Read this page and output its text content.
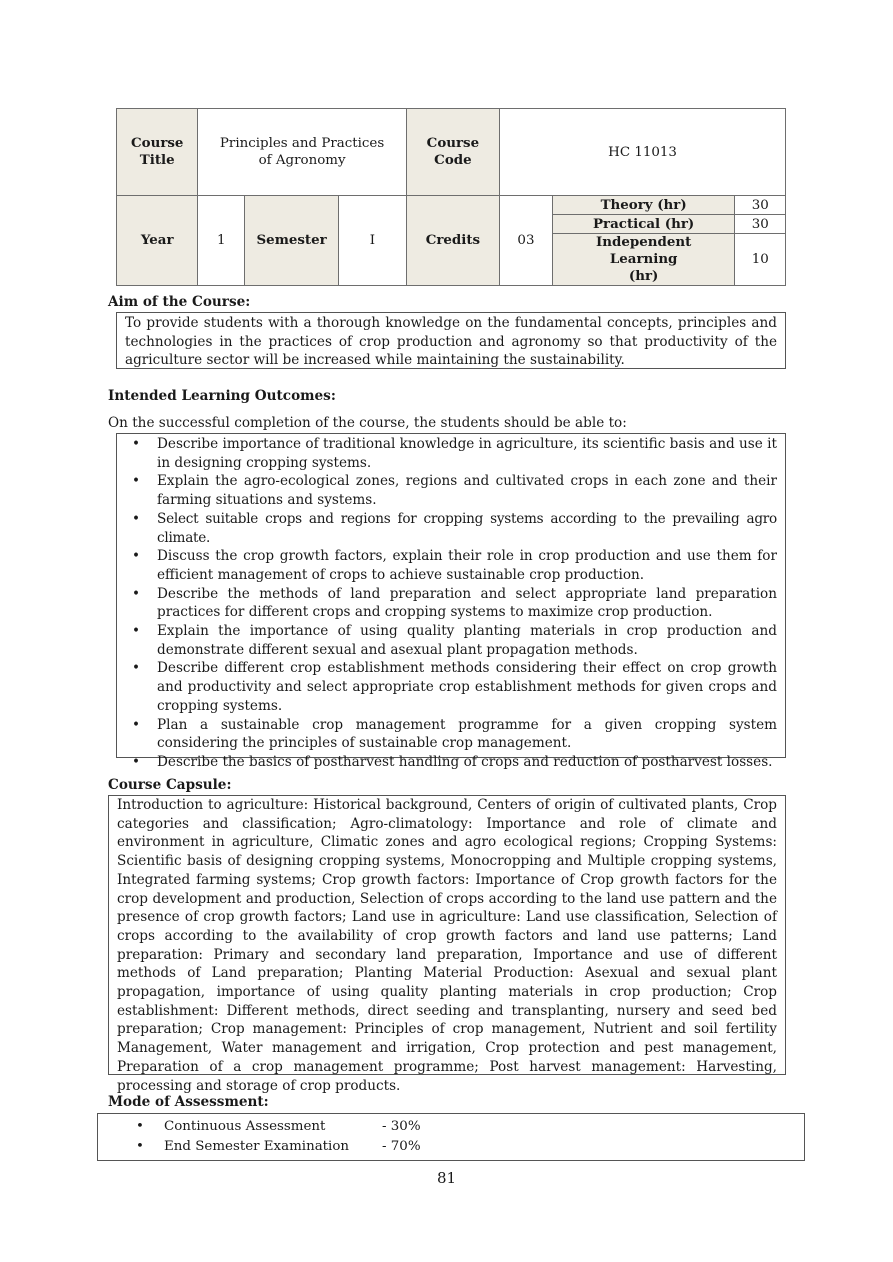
Course Title	Principles and Practices of Agronomy			Course Code	HC 11013		
Year	1	Semester	I	Credits	03	Theory (hr)	30
						Practical (hr)	30
						Independent Learning (hr)	10
Aim of the Course:

To provide students with a thorough knowledge on the fundamental concepts, principles and technologies in the practices of crop production and agronomy so that productivity of the agriculture sector will be increased while maintaining the sustainability.

Intended Learning Outcomes:
On the successful completion of the course, the students should be able to:
• Describe importance of traditional knowledge in agriculture, its scientific basis and use it in designing cropping systems.
• Explain the agro-ecological zones, regions and cultivated crops in each zone and their farming situations and systems.
• Select suitable crops and regions for cropping systems according to the prevailing agro climate.
• Discuss the crop growth factors, explain their role in crop production and use them for efficient management of crops to achieve sustainable crop production.
• Describe the methods of land preparation and select appropriate land preparation practices for different crops and cropping systems to maximize crop production.
• Explain the importance of using quality planting materials in crop production and demonstrate different sexual and asexual plant propagation methods.
• Describe different crop establishment methods considering their effect on crop growth and productivity and select appropriate crop establishment methods for given crops and cropping systems.
• Plan a sustainable crop management programme for a given cropping system considering the principles of sustainable crop management.
• Describe the basics of postharvest handling of crops and reduction of postharvest losses.
Course Capsule:

Introduction to agriculture: Historical background, Centers of origin of cultivated plants, Crop categories and classification; Agro-climatology: Importance and role of climate and environment in agriculture, Climatic zones and agro ecological regions; Cropping Systems: Scientific basis of designing cropping systems, Monocropping and Multiple cropping systems, Integrated farming systems; Crop growth factors: Importance of Crop growth factors for the crop development and production, Selection of crops according to the land use pattern and the presence of crop growth factors; Land use in agriculture: Land use classification, Selection of crops according to the availability of crop growth factors and land use patterns; Land preparation: Primary and secondary land preparation, Importance and use of different methods of Land preparation; Planting Material Production: Asexual and sexual plant propagation, importance of using quality planting materials in crop production; Crop establishment: Different methods, direct seeding and transplanting, nursery and seed bed preparation; Crop management: Principles of crop management, Nutrient and soil fertility Management, Water management and irrigation, Crop protection and pest management, Preparation of a crop management programme; Post harvest management: Harvesting, processing and storage of crop products.

Mode of Assessment:
• Continuous Assessment	- 30%
• End Semester Examination - 70%
81
